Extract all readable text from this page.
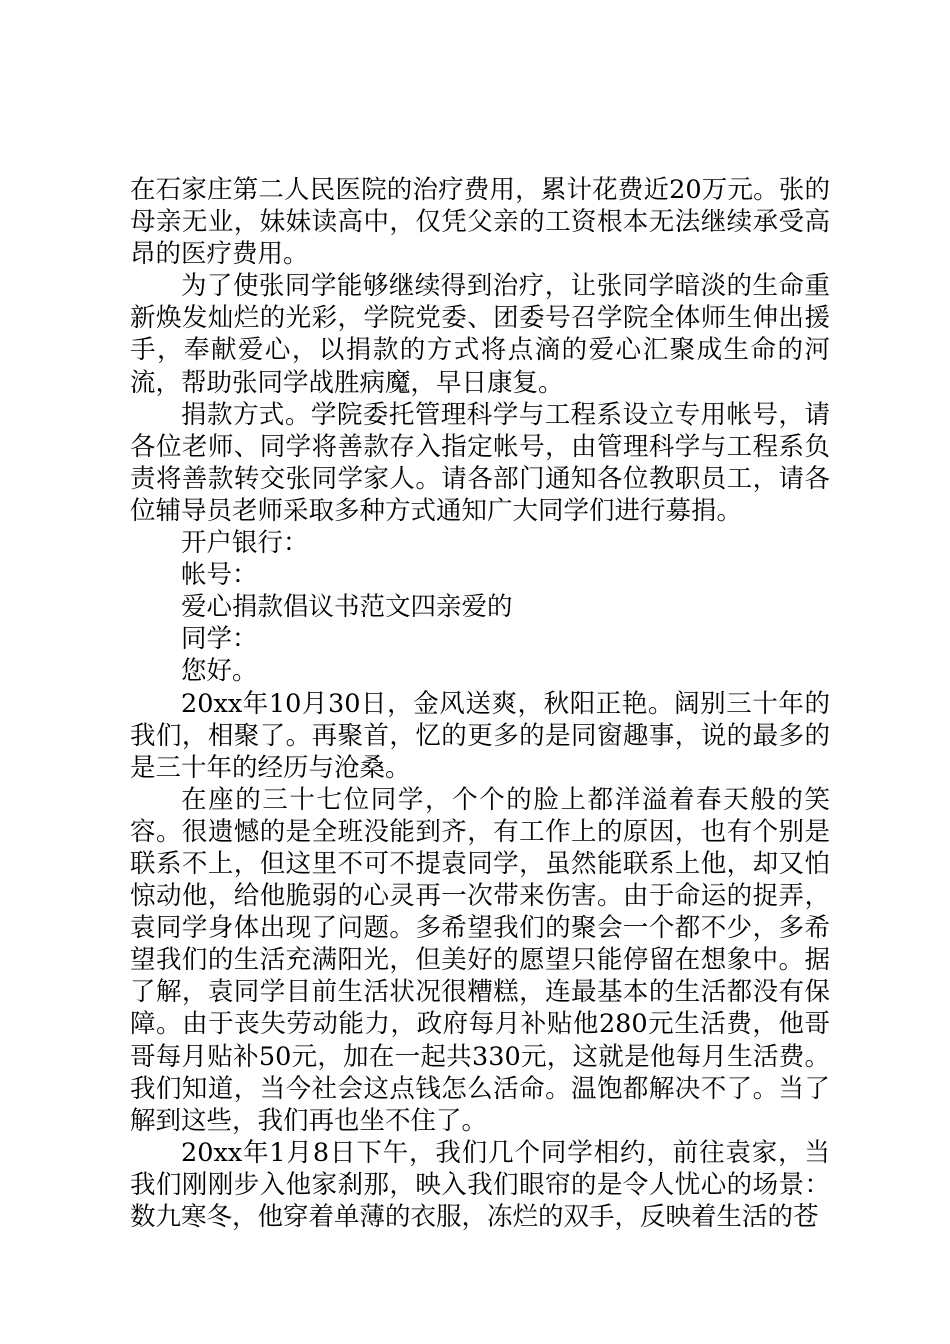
在石家庄第二人民医院的治疗费用，累计花费近20万元。张的母亲无业，妹妹读高中，仅凭父亲的工资根本无法继续承受高昂的医疗费用。

为了使张同学能够继续得到治疗，让张同学暗淡的生命重新焕发灿烂的光彩，学院党委、团委号召学院全体师生伸出援手，奉献爱心，以捐款的方式将点滴的爱心汇聚成生命的河流，帮助张同学战胜病魔，早日康复。

捐款方式。学院委托管理科学与工程系设立专用帐号，请各位老师、同学将善款存入指定帐号，由管理科学与工程系负责将善款转交张同学家人。请各部门通知各位教职员工，请各位辅导员老师采取多种方式通知广大同学们进行募捐。

开户银行：

帐号：

爱心捐款倡议书范文四亲爱的

同学：

您好。

20xx年10月30日，金风送爽，秋阳正艳。阔别三十年的我们，相聚了。再聚首，忆的更多的是同窗趣事，说的最多的是三十年的经历与沧桑。

在座的三十七位同学，个个的脸上都洋溢着春天般的笑容。很遗憾的是全班没能到齐，有工作上的原因，也有个别是联系不上，但这里不可不提袁同学，虽然能联系上他，却又怕惊动他，给他脆弱的心灵再一次带来伤害。由于命运的捉弄，袁同学身体出现了问题。多希望我们的聚会一个都不少，多希望我们的生活充满阳光，但美好的愿望只能停留在想象中。据了解，袁同学目前生活状况很糟糕，连最基本的生活都没有保障。由于丧失劳动能力，政府每月补贴他280元生活费，他哥哥每月贴补50元，加在一起共330元，这就是他每月生活费。我们知道，当今社会这点钱怎么活命。温饱都解决不了。当了解到这些，我们再也坐不住了。

20xx年1月8日下午，我们几个同学相约，前往袁家，当我们刚刚步入他家刹那，映入我们眼帘的是令人忧心的场景：数九寒冬，他穿着单薄的衣服，冻烂的双手，反映着生活的苍
